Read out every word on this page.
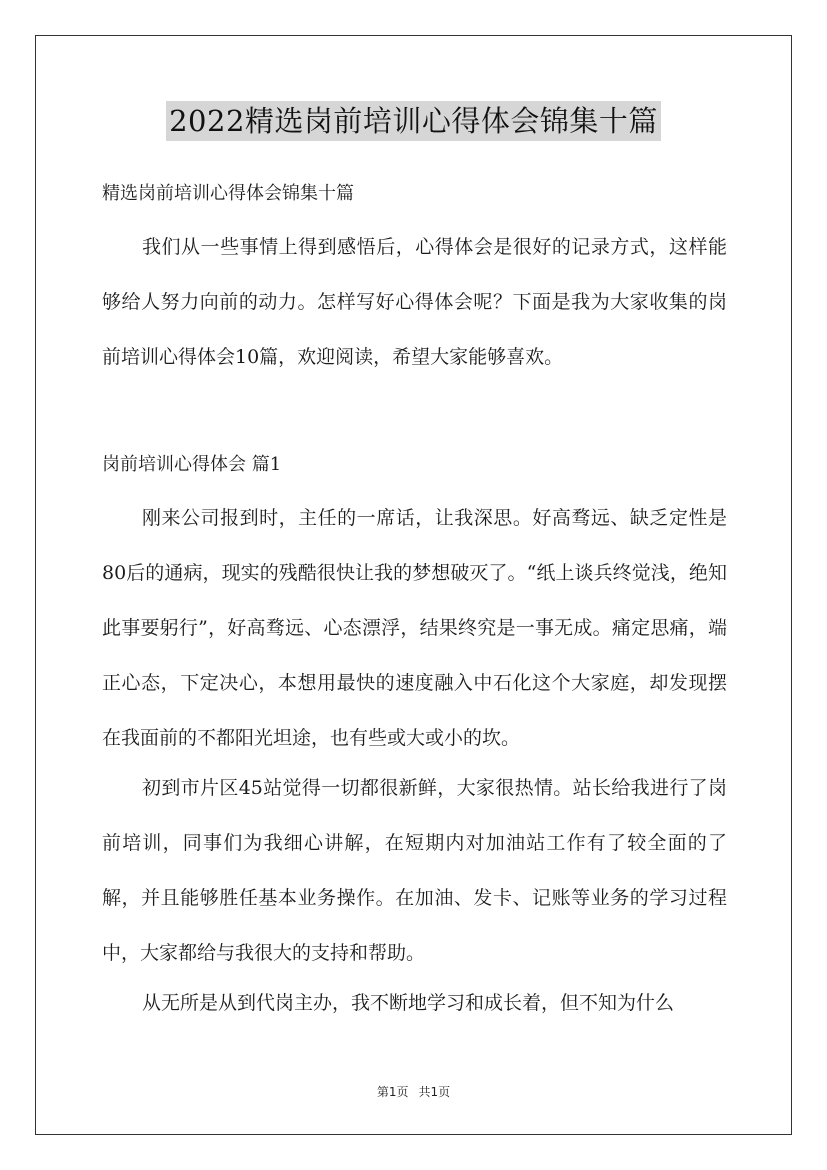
2022精选岗前培训心得体会锦集十篇
精选岗前培训心得体会锦集十篇

我们从一些事情上得到感悟后，心得体会是很好的记录方式，这样能够给人努力向前的动力。怎样写好心得体会呢？下面是我为大家收集的岗前培训心得体会10篇，欢迎阅读，希望大家能够喜欢。

岗前培训心得体会 篇1

刚来公司报到时，主任的一席话，让我深思。好高骛远、缺乏定性是80后的通病，现实的残酷很快让我的梦想破灭了。“纸上谈兵终觉浅，绝知此事要躬行”，好高骛远、心态漂浮，结果终究是一事无成。痛定思痛，端正心态，下定决心，本想用最快的速度融入中石化这个大家庭，却发现摆在我面前的不都阳光坦途，也有些或大或小的坎。

初到市片区45站觉得一切都很新鲜，大家很热情。站长给我进行了岗前培训，同事们为我细心讲解，在短期内对加油站工作有了较全面的了解，并且能够胜任基本业务操作。在加油、发卡、记账等业务的学习过程中，大家都给与我很大的支持和帮助。

从无所是从到代岗主办，我不断地学习和成长着，但不知为什么

第1页 共1页
